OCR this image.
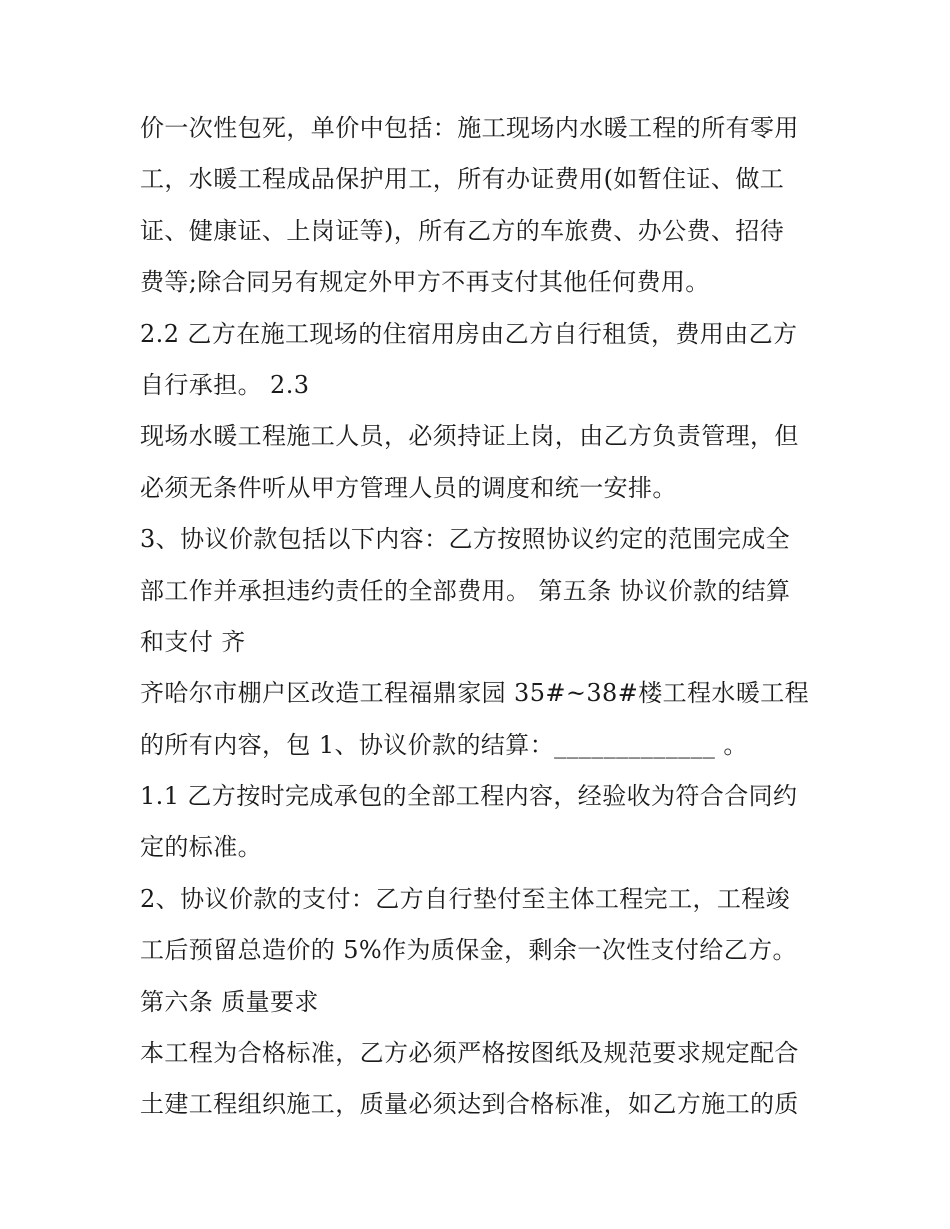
价一次性包死，单价中包括：施工现场内水暖工程的所有零用
工，水暖工程成品保护用工，所有办证费用(如暂住证、做工
证、健康证、上岗证等)，所有乙方的车旅费、办公费、招待
费等;除合同另有规定外甲方不再支付其他任何费用。
2.2 乙方在施工现场的住宿用房由乙方自行租赁，费用由乙方
自行承担。 2.3
现场水暖工程施工人员，必须持证上岗，由乙方负责管理，但
必须无条件听从甲方管理人员的调度和统一安排。
3、协议价款包括以下内容：乙方按照协议约定的范围完成全
部工作并承担违约责任的全部费用。 第五条 协议价款的结算
和支付 齐
齐哈尔市棚户区改造工程福鼎家园 35#~38#楼工程水暖工程
的所有内容，包 1、协议价款的结算：_____________ 。
1.1 乙方按时完成承包的全部工程内容，经验收为符合合同约
定的标准。
2、协议价款的支付：乙方自行垫付至主体工程完工，工程竣
工后预留总造价的 5%作为质保金，剩余一次性支付给乙方。
第六条 质量要求
本工程为合格标准，乙方必须严格按图纸及规范要求规定配合
土建工程组织施工，质量必须达到合格标准，如乙方施工的质
